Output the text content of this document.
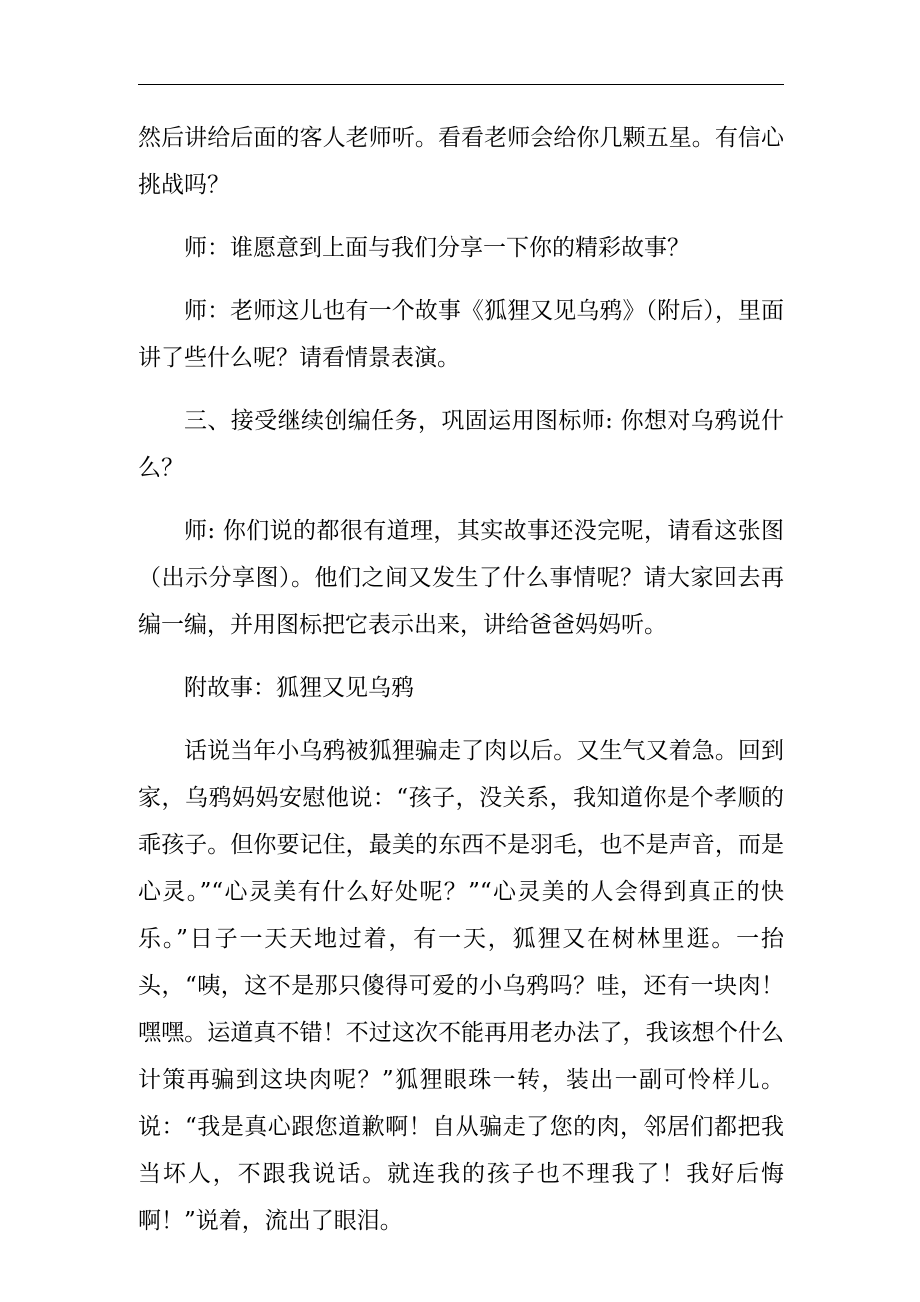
然后讲给后面的客人老师听。看看老师会给你几颗五星。有信心挑战吗？

师：谁愿意到上面与我们分享一下你的精彩故事？

师：老师这儿也有一个故事《狐狸又见乌鸦》（附后），里面讲了些什么呢？请看情景表演。

三、接受继续创编任务，巩固运用图标师: 你想对乌鸦说什么？

师: 你们说的都很有道理，其实故事还没完呢，请看这张图（出示分享图）。他们之间又发生了什么事情呢？请大家回去再编一编，并用图标把它表示出来，讲给爸爸妈妈听。

附故事：狐狸又见乌鸦

话说当年小乌鸦被狐狸骗走了肉以后。又生气又着急。回到家，乌鸦妈妈安慰他说：“孩子，没关系，我知道你是个孝顺的乖孩子。但你要记住，最美的东西不是羽毛，也不是声音，而是心灵。”“心灵美有什么好处呢？”“心灵美的人会得到真正的快乐。”日子一天天地过着，有一天，狐狸又在树林里逛。一抬头，“咦，这不是那只傻得可爱的小乌鸦吗？哇，还有一块肉！嘿嘿。运道真不错！不过这次不能再用老办法了，我该想个什么计策再骗到这块肉呢？”狐狸眼珠一转，装出一副可怜样儿。说：“我是真心跟您道歉啊！自从骗走了您的肉，邻居们都把我当坏人，不跟我说话。就连我的孩子也不理我了！我好后悔啊！”说着，流出了眼泪。
